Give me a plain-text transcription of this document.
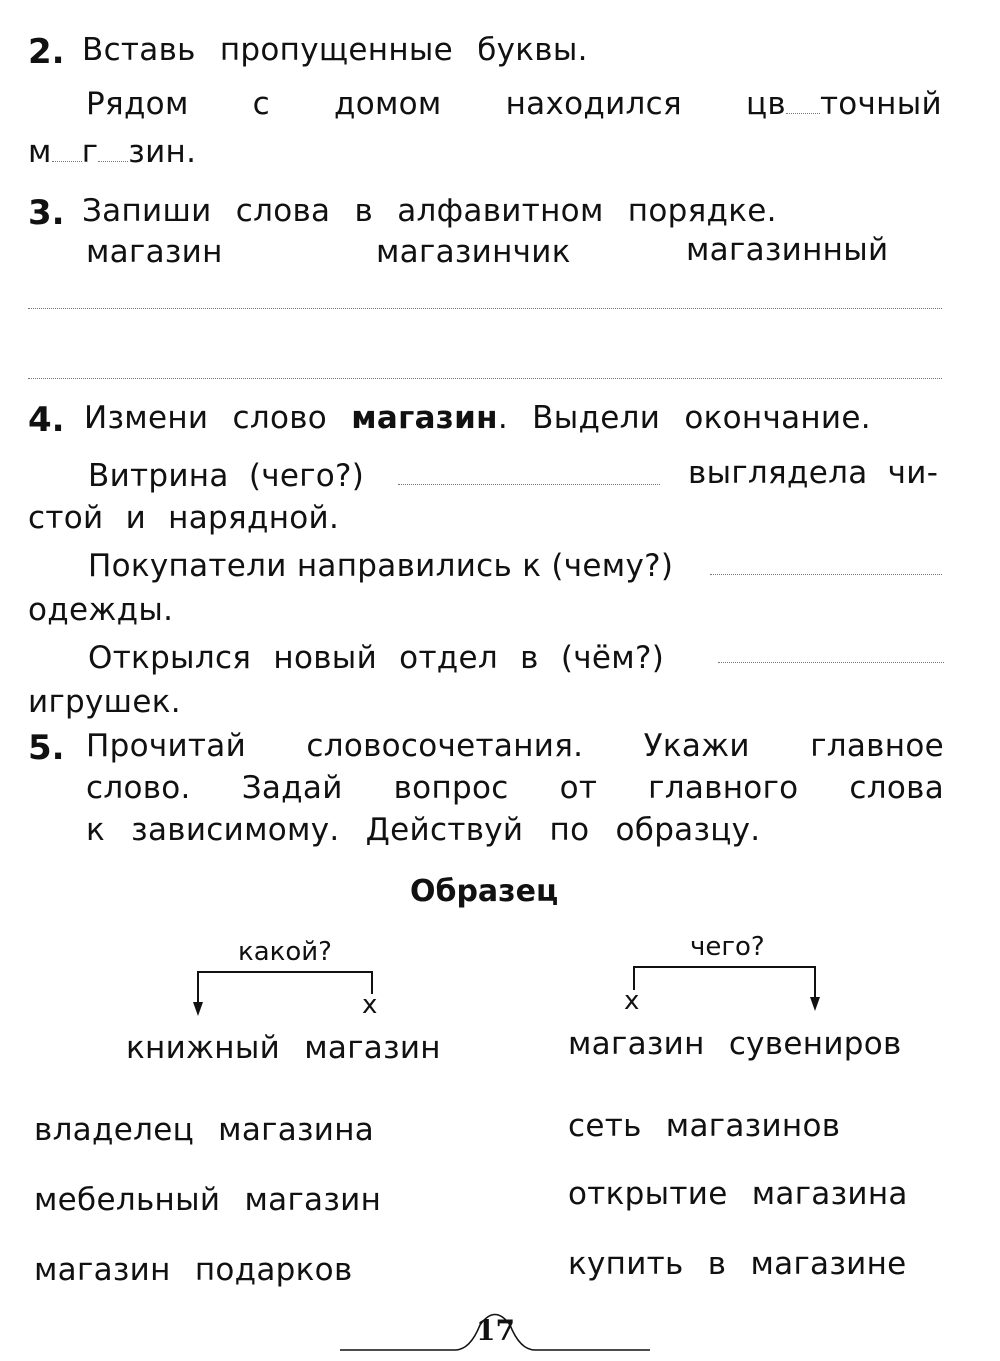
2. Вставь пропущенные буквы.
Рядом с домом находился цв точный
м г зин.
3. Запиши слова в алфавитном порядке.
магазин	магазинчик	магазинный
4. Измени слово магазин. Выдели окончание.
Витрина (чего?)	выглядела чи-
стой и нарядной.
Покупатели направились к (чему?)
одежды.
Открылся новый отдел в (чём?)
игрушек.
5. Прочитай словосочетания. Укажи главное
слово. Задай вопрос от главного слова
к зависимому. Действуй по образцу.
Образец
какой?
x
книжный магазин
чего?
x
магазин сувениров
владелец магазина
мебельный магазин
магазин подарков
сеть магазинов
открытие магазина
купить в магазине
17
